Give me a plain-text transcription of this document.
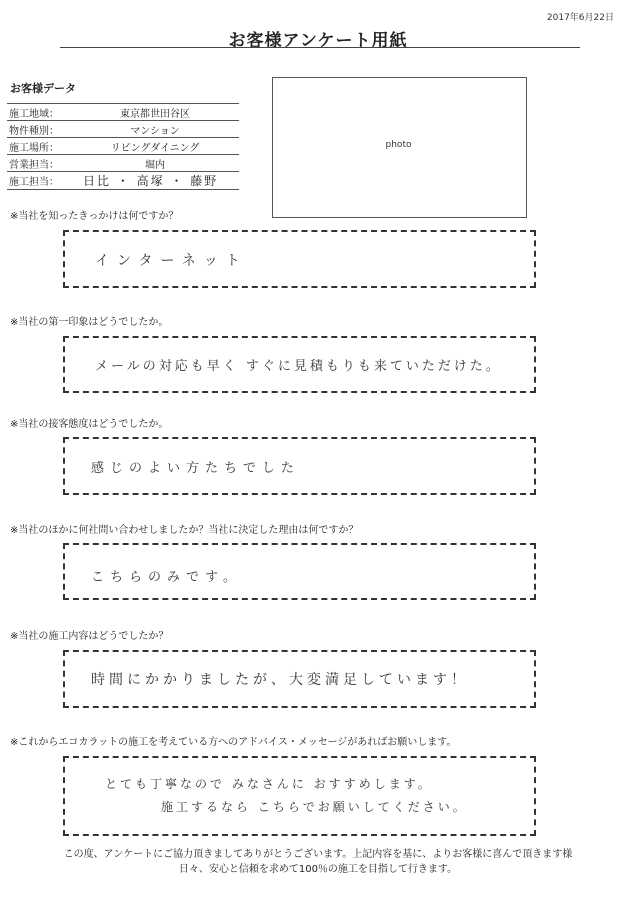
2017年6月22日
お客様アンケート用紙
お客様データ
施工地域：	東京都世田谷区
物件種別：	マンション
施工場所：	リビングダイニング
営業担当：	堀内
施工担当：	日比 ・ 高塚 ・ 藤野
photo
※当社を知ったきっかけは何ですか？
インターネット
※当社の第一印象はどうでしたか。
メールの対応も早く すぐに見積もりも来ていただけた。
※当社の接客態度はどうでしたか。
感じのよい方たちでした
※当社のほかに何社問い合わせしましたか？当社に決定した理由は何ですか？
こちらのみです。
※当社の施工内容はどうでしたか？
時間にかかりましたが、大変満足しています！
※これからエコカラットの施工を考えている方へのアドバイス・メッセージがあればお願いします。
とても丁寧なので みなさんに おすすめします。
施工するなら こちらでお願いしてください。
この度、アンケートにご協力頂きましてありがとうございます。上記内容を基に、よりお客様に喜んで頂きます様
日々、安心と信頼を求めて100％の施工を目指して行きます。
